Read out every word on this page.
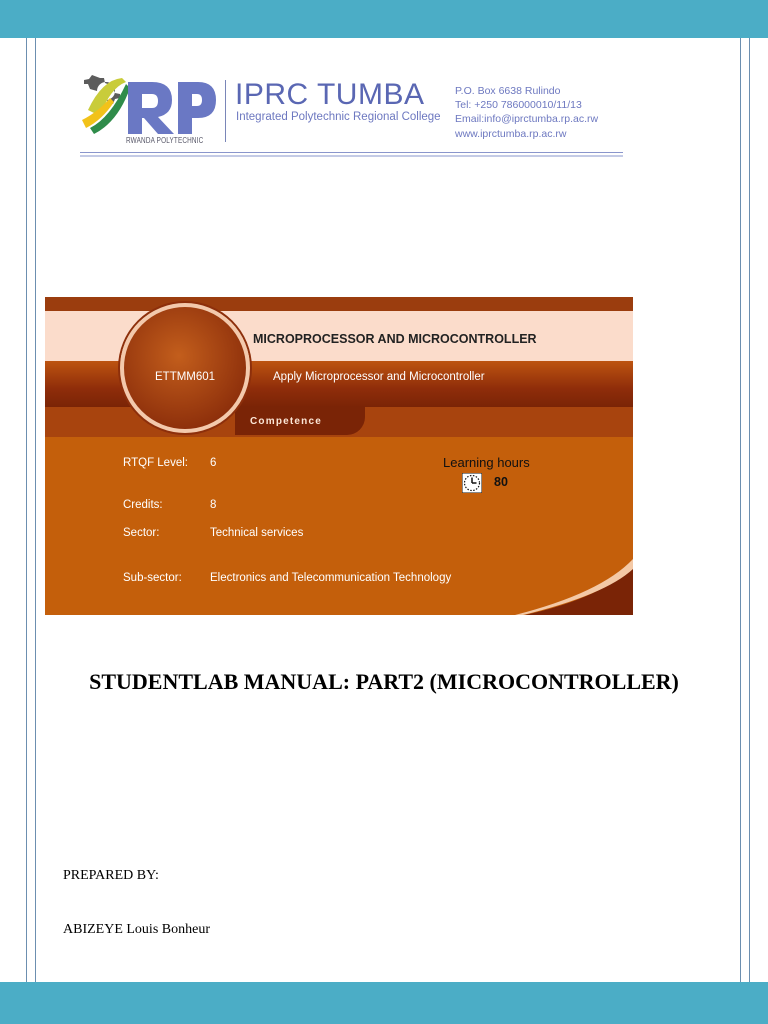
RWANDA POLYTECHNIC
IPRC TUMBA
Integrated Polytechnic Regional College
P.O. Box 6638 Rulindo
Tel: +250 786000010/11/13
Email:info@iprctumba.rp.ac.rw
www.iprctumba.rp.ac.rw
MICROPROCESSOR AND MICROCONTROLLER
ETTMM601	Apply Microprocessor and Microcontroller
Competence
RTQF Level: 6
Credits:	8
Sector:	Technical services
Sub-sector: Electronics and Telecommunication Technology
Learning hours
80
STUDENTLAB MANUAL: PART2 (MICROCONTROLLER)
PREPARED BY:
ABIZEYE Louis Bonheur
